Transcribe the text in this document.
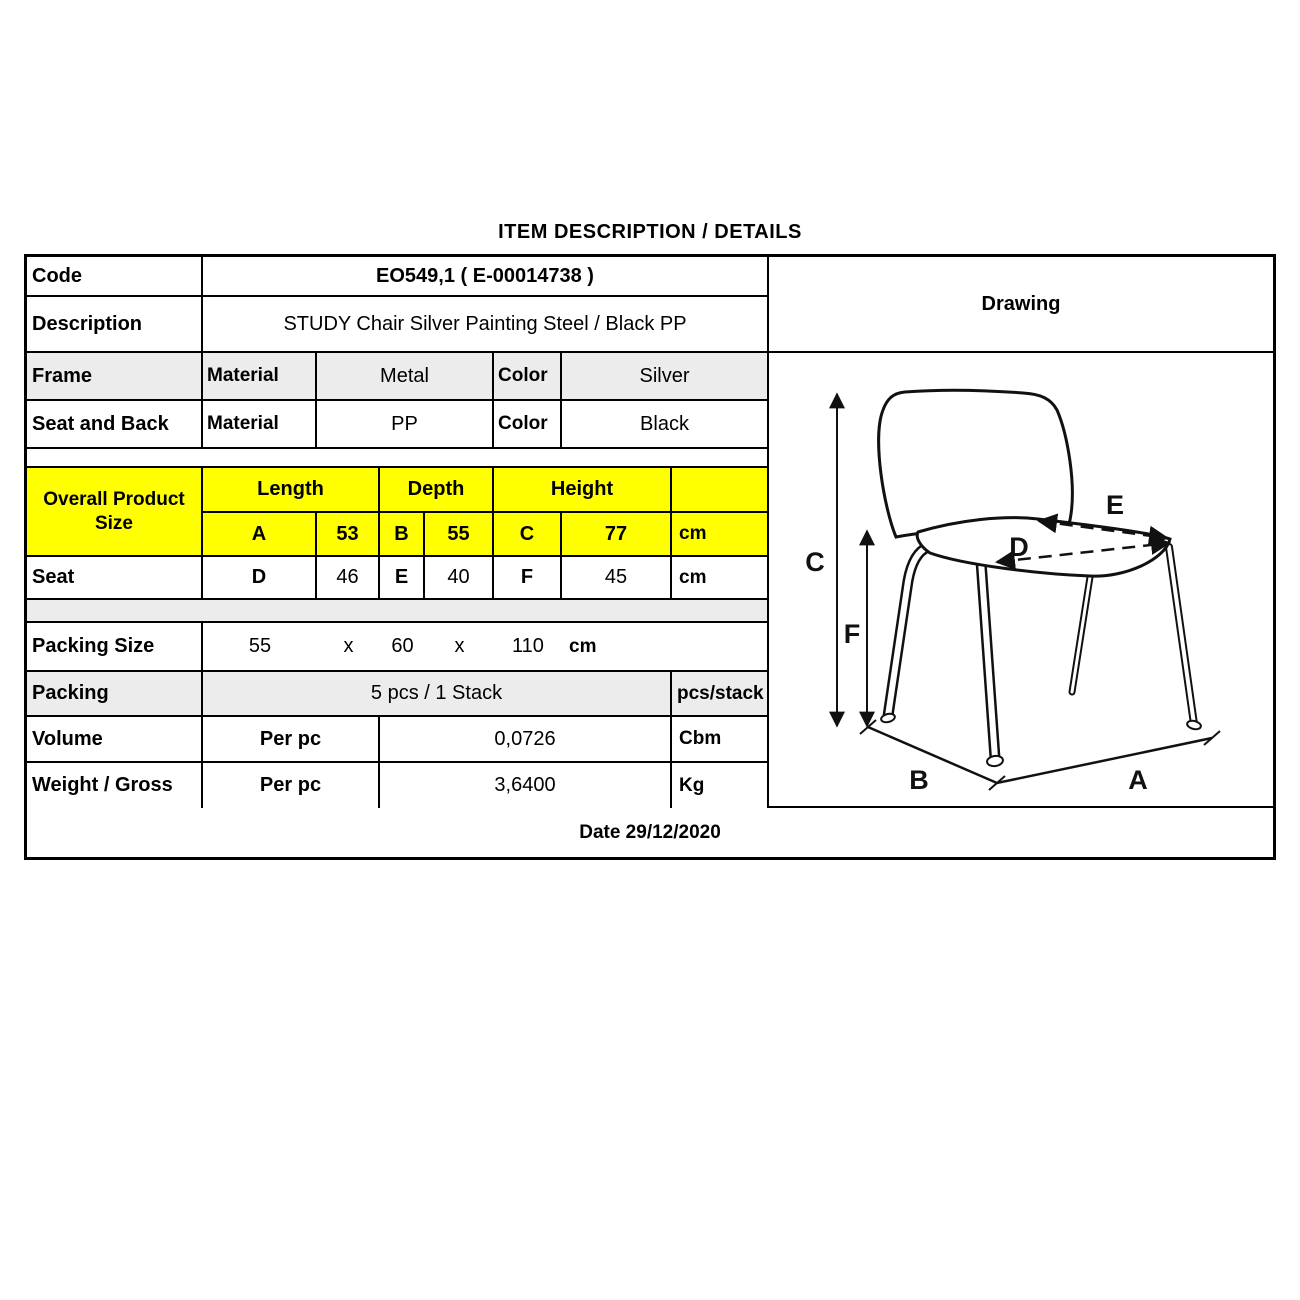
ITEM DESCRIPTION / DETAILS
Code	EO549,1 ( E-00014738 )
Description	STUDY Chair Silver Painting Steel / Black PP
Frame	Material	Metal	Color	Silver
Seat and Back	Material	PP	Color	Black
Overall Product Size
Length	Depth	Height
A	53	B	55	C	77	cm
Seat	D	46	E	40	F	45	cm
Packing Size	55	x	60	x	110	cm
Packing	5 pcs / 1 Stack	pcs/stack
Volume	Per pc	0,0726	Cbm
Weight / Gross	Per pc	3,6400	Kg
Drawing
C
F
E
D
B	A
Date 29/12/2020
